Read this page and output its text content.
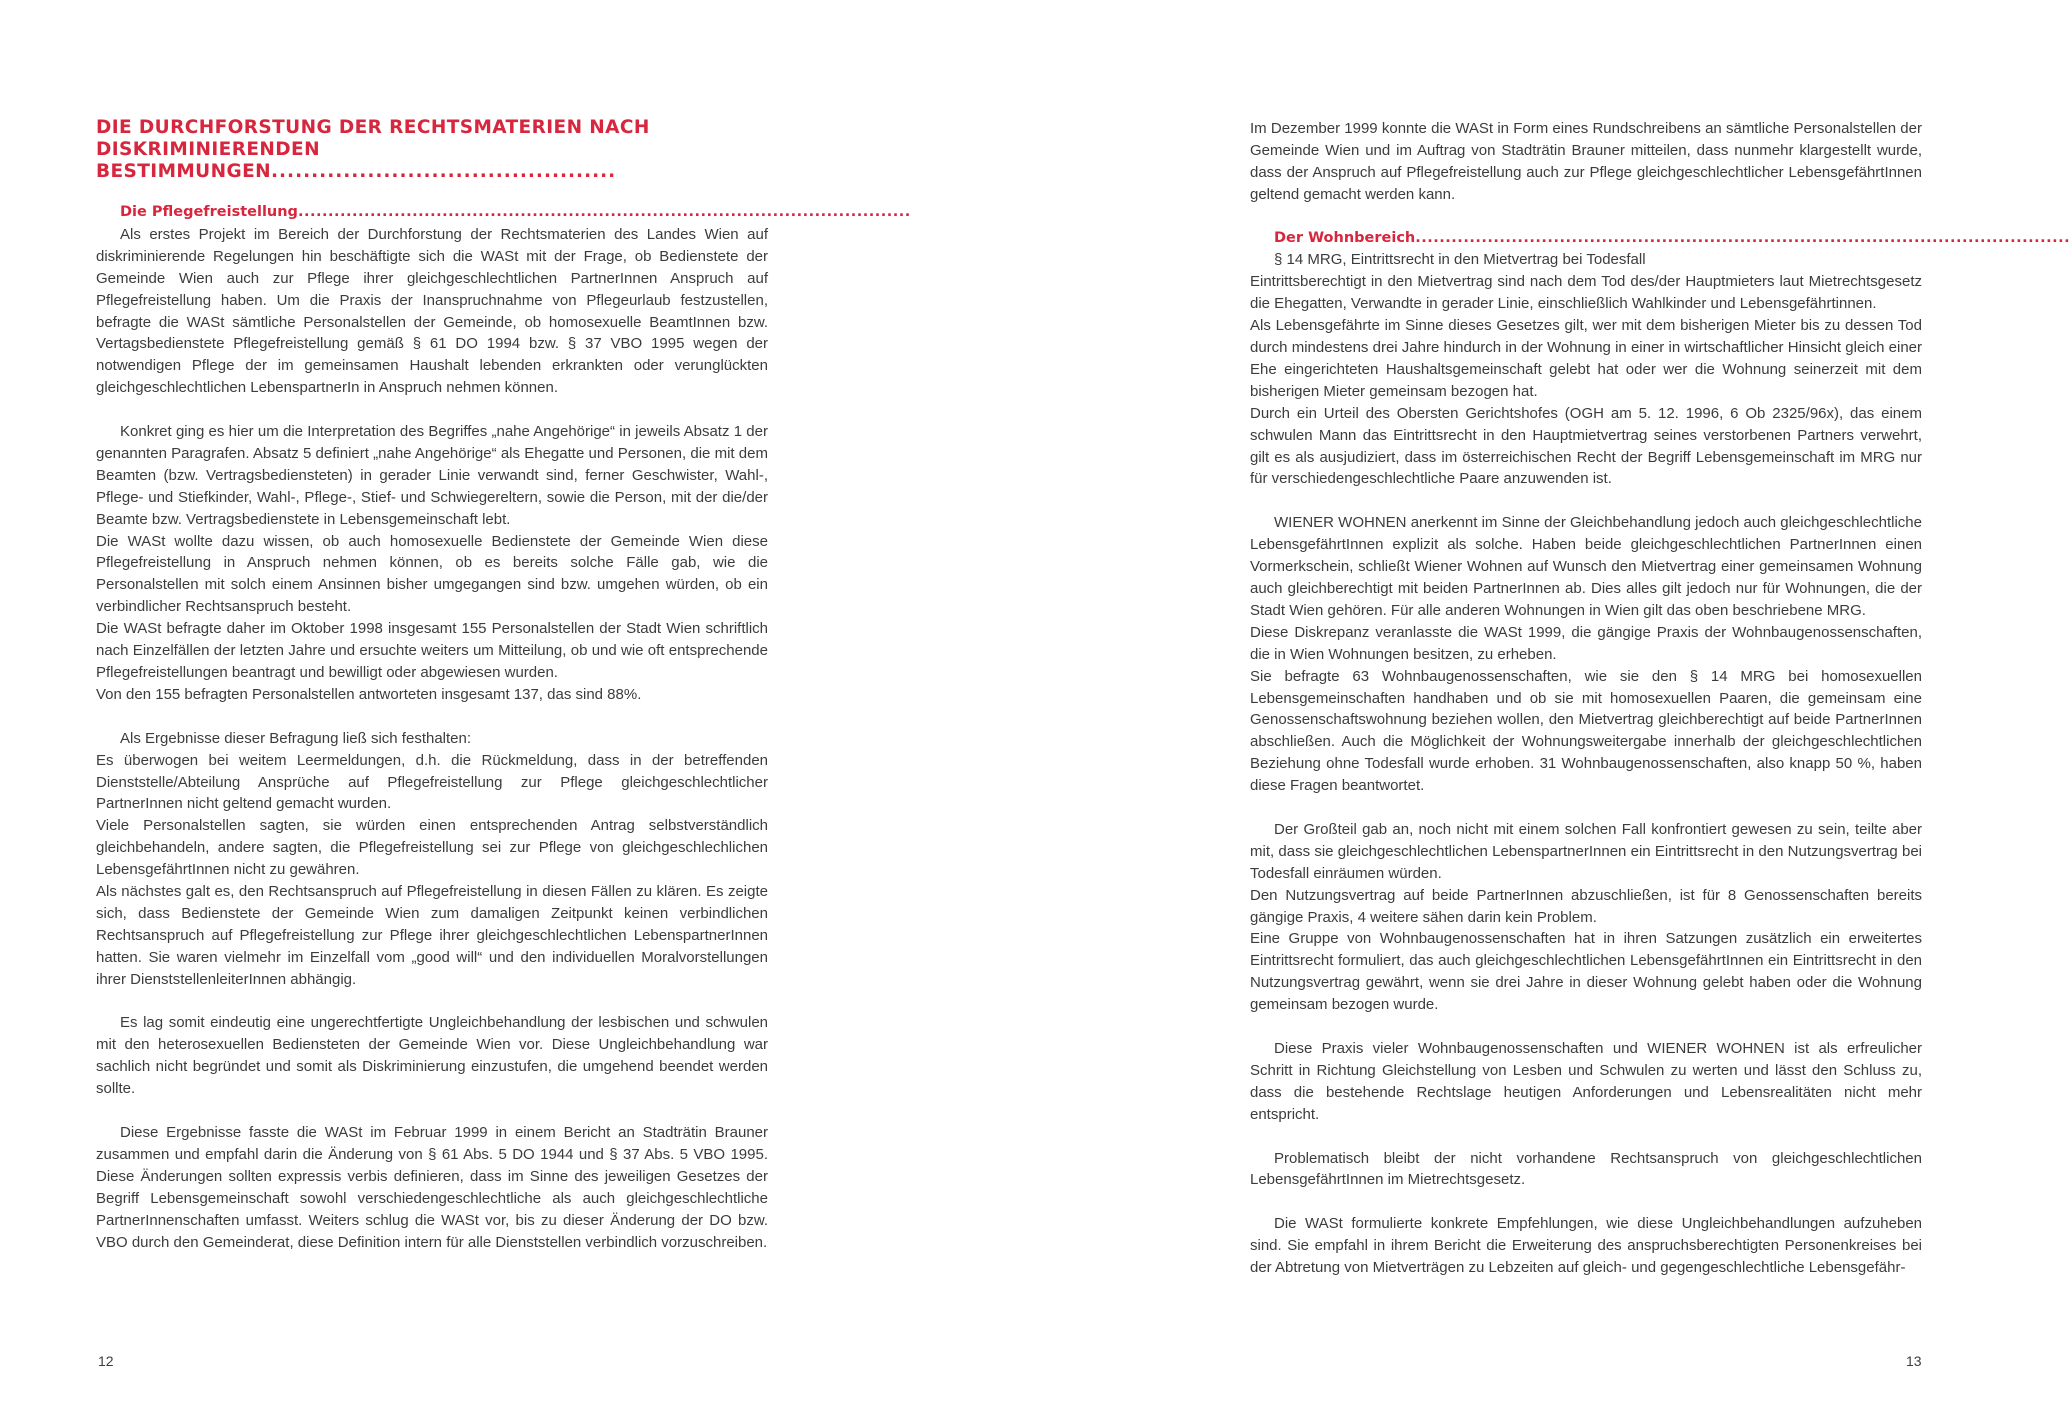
DIE DURCHFORSTUNG DER RECHTSMATERIEN NACH
DISKRIMINIERENDEN BESTIMMUNGEN...........................................
Die Pflegefreistellung......................................................................................................

Als erstes Projekt im Bereich der Durchforstung der Rechtsmaterien des Landes Wien auf diskriminierende Regelungen hin beschäftigte sich die WASt mit der Frage, ob Bedienstete der Gemeinde Wien auch zur Pflege ihrer gleichgeschlechtlichen PartnerInnen Anspruch auf Pflegefreistellung haben. Um die Praxis der Inanspruchnahme von Pflegeurlaub festzustellen, befragte die WASt sämtliche Personalstellen der Gemeinde, ob homosexuelle BeamtInnen bzw. Vertagsbedienstete Pflegefreistellung gemäß § 61 DO 1994 bzw. § 37 VBO 1995 wegen der notwendigen Pflege der im gemeinsamen Haushalt lebenden erkrankten oder verunglückten gleichgeschlechtlichen LebenspartnerIn in Anspruch nehmen können.

Konkret ging es hier um die Interpretation des Begriffes „nahe Angehörige“ in jeweils Absatz 1 der genannten Paragrafen. Absatz 5 definiert „nahe Angehörige“ als Ehegatte und Personen, die mit dem Beamten (bzw. Vertragsbediensteten) in gerader Linie verwandt sind, ferner Geschwister, Wahl-, Pflege- und Stiefkinder, Wahl-, Pflege-, Stief- und Schwiegereltern, sowie die Person, mit der die/der Beamte bzw. Vertragsbedienstete in Lebensgemeinschaft lebt.

Die WASt wollte dazu wissen, ob auch homosexuelle Bedienstete der Gemeinde Wien diese Pflegefreistellung in Anspruch nehmen können, ob es bereits solche Fälle gab, wie die Personalstellen mit solch einem Ansinnen bisher umgegangen sind bzw. umgehen würden, ob ein verbindlicher Rechtsanspruch besteht.

Die WASt befragte daher im Oktober 1998 insgesamt 155 Personalstellen der Stadt Wien schriftlich nach Einzelfällen der letzten Jahre und ersuchte weiters um Mitteilung, ob und wie oft entsprechende Pflegefreistellungen beantragt und bewilligt oder abgewiesen wurden.

Von den 155 befragten Personalstellen antworteten insgesamt 137, das sind 88%.

Als Ergebnisse dieser Befragung ließ sich festhalten:

Es überwogen bei weitem Leermeldungen, d.h. die Rückmeldung, dass in der betreffenden Dienststelle/Abteilung Ansprüche auf Pflegefreistellung zur Pflege gleichgeschlechtlicher PartnerInnen nicht geltend gemacht wurden.

Viele Personalstellen sagten, sie würden einen entsprechenden Antrag selbstverständlich gleichbehandeln, andere sagten, die Pflegefreistellung sei zur Pflege von gleichgeschlechlichen LebensgefährtInnen nicht zu gewähren.

Als nächstes galt es, den Rechtsanspruch auf Pflegefreistellung in diesen Fällen zu klären. Es zeigte sich, dass Bedienstete der Gemeinde Wien zum damaligen Zeitpunkt keinen verbindlichen Rechtsanspruch auf Pflegefreistellung zur Pflege ihrer gleichgeschlechtlichen LebenspartnerInnen hatten. Sie waren vielmehr im Einzelfall vom „good will“ und den individuellen Moralvorstellungen ihrer DienststellenleiterInnen abhängig.

Es lag somit eindeutig eine ungerechtfertigte Ungleichbehandlung der lesbischen und schwulen mit den heterosexuellen Bediensteten der Gemeinde Wien vor. Diese Ungleichbehandlung war sachlich nicht begründet und somit als Diskriminierung einzustufen, die umgehend beendet werden sollte.

Diese Ergebnisse fasste die WASt im Februar 1999 in einem Bericht an Stadträtin Brauner zusammen und empfahl darin die Änderung von § 61 Abs. 5 DO 1944 und § 37 Abs. 5 VBO 1995. Diese Änderungen sollten expressis verbis definieren, dass im Sinne des jeweiligen Gesetzes der Begriff Lebensgemeinschaft sowohl verschiedengeschlechtliche als auch gleichgeschlechtliche PartnerInnenschaften umfasst. Weiters schlug die WASt vor, bis zu dieser Änderung der DO bzw. VBO durch den Gemeinderat, diese Definition intern für alle Dienststellen verbindlich vorzuschreiben.

12

Im Dezember 1999 konnte die WASt in Form eines Rundschreibens an sämtliche Personalstellen der Gemeinde Wien und im Auftrag von Stadträtin Brauner mitteilen, dass nunmehr klargestellt wurde, dass der Anspruch auf Pflegefreistellung auch zur Pflege gleichgeschlechtlicher LebensgefährtInnen geltend gemacht werden kann.

Der Wohnbereich.............................................................................................................

§ 14 MRG, Eintrittsrecht in den Mietvertrag bei Todesfall

Eintrittsberechtigt in den Mietvertrag sind nach dem Tod des/der Hauptmieters laut Mietrechtsgesetz die Ehegatten, Verwandte in gerader Linie, einschließlich Wahlkinder und Lebensgefährtinnen.

Als Lebensgefährte im Sinne dieses Gesetzes gilt, wer mit dem bisherigen Mieter bis zu dessen Tod durch mindestens drei Jahre hindurch in der Wohnung in einer in wirtschaftlicher Hinsicht gleich einer Ehe eingerichteten Haushaltsgemeinschaft gelebt hat oder wer die Wohnung seinerzeit mit dem bisherigen Mieter gemeinsam bezogen hat.

Durch ein Urteil des Obersten Gerichtshofes (OGH am 5. 12. 1996, 6 Ob 2325/96x), das einem schwulen Mann das Eintrittsrecht in den Hauptmietvertrag seines verstorbenen Partners verwehrt, gilt es als ausjudiziert, dass im österreichischen Recht der Begriff Lebensgemeinschaft im MRG nur für verschiedengeschlechtliche Paare anzuwenden ist.

WIENER WOHNEN anerkennt im Sinne der Gleichbehandlung jedoch auch gleichgeschlechtliche LebensgefährtInnen explizit als solche. Haben beide gleichgeschlechtlichen PartnerInnen einen Vormerkschein, schließt Wiener Wohnen auf Wunsch den Mietvertrag einer gemeinsamen Wohnung auch gleichberechtigt mit beiden PartnerInnen ab. Dies alles gilt jedoch nur für Wohnungen, die der Stadt Wien gehören. Für alle anderen Wohnungen in Wien gilt das oben beschriebene MRG.

Diese Diskrepanz veranlasste die WASt 1999, die gängige Praxis der Wohnbaugenossenschaften, die in Wien Wohnungen besitzen, zu erheben.

Sie befragte 63 Wohnbaugenossenschaften, wie sie den § 14 MRG bei homosexuellen Lebensgemeinschaften handhaben und ob sie mit homosexuellen Paaren, die gemeinsam eine Genossenschaftswohnung beziehen wollen, den Mietvertrag gleichberechtigt auf beide PartnerInnen abschließen. Auch die Möglichkeit der Wohnungsweitergabe innerhalb der gleichgeschlechtlichen Beziehung ohne Todesfall wurde erhoben. 31 Wohnbaugenossenschaften, also knapp 50 %, haben diese Fragen beantwortet.

Der Großteil gab an, noch nicht mit einem solchen Fall konfrontiert gewesen zu sein, teilte aber mit, dass sie gleichgeschlechtlichen LebenspartnerInnen ein Eintrittsrecht in den Nutzungsvertrag bei Todesfall einräumen würden.

Den Nutzungsvertrag auf beide PartnerInnen abzuschließen, ist für 8 Genossenschaften bereits gängige Praxis, 4 weitere sähen darin kein Problem.

Eine Gruppe von Wohnbaugenossenschaften hat in ihren Satzungen zusätzlich ein erweitertes Eintrittsrecht formuliert, das auch gleichgeschlechtlichen LebensgefährtInnen ein Eintrittsrecht in den Nutzungsvertrag gewährt, wenn sie drei Jahre in dieser Wohnung gelebt haben oder die Wohnung gemeinsam bezogen wurde.

Diese Praxis vieler Wohnbaugenossenschaften und WIENER WOHNEN ist als erfreulicher Schritt in Richtung Gleichstellung von Lesben und Schwulen zu werten und lässt den Schluss zu, dass die bestehende Rechtslage heutigen Anforderungen und Lebensrealitäten nicht mehr entspricht.

Problematisch bleibt der nicht vorhandene Rechtsanspruch von gleichgeschlechtlichen LebensgefährtInnen im Mietrechtsgesetz.

Die WASt formulierte konkrete Empfehlungen, wie diese Ungleichbehandlungen aufzuheben sind. Sie empfahl in ihrem Bericht die Erweiterung des anspruchsberechtigten Personenkreises bei der Abtretung von Mietverträgen zu Lebzeiten auf gleich- und gegengeschlechtliche Lebensgefähr-

13
